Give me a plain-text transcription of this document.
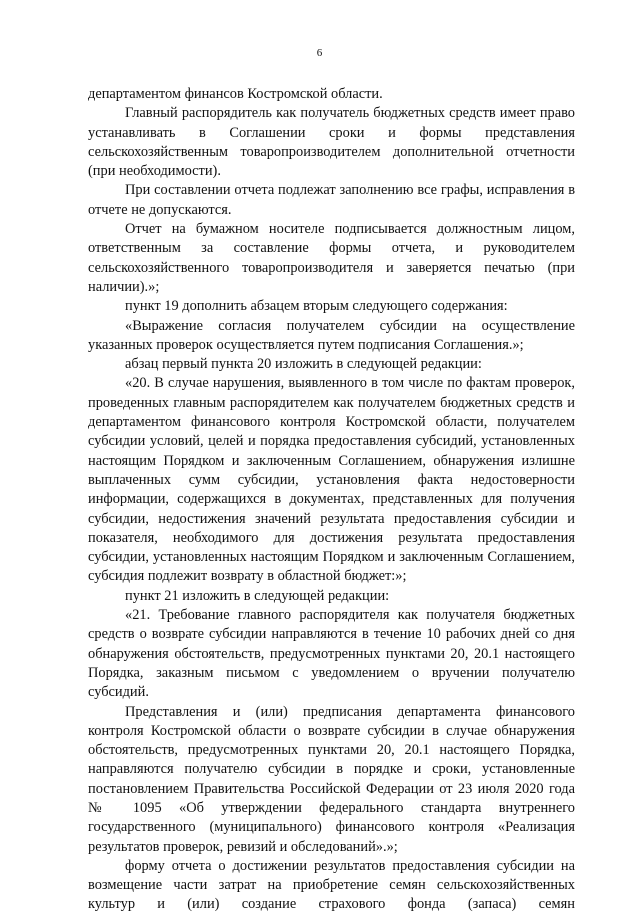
6

департаментом финансов Костромской области.

Главный распорядитель как получатель бюджетных средств имеет право устанавливать в Соглашении сроки и формы представления сельскохозяйственным товаропроизводителем дополнительной отчетности (при необходимости).

При составлении отчета подлежат заполнению все графы, исправления в отчете не допускаются.

Отчет на бумажном носителе подписывается должностным лицом, ответственным за составление формы отчета, и руководителем сельскохозяйственного товаропроизводителя и заверяется печатью (при наличии).»;

пункт 19 дополнить абзацем вторым следующего содержания:

«Выражение согласия получателем субсидии на осуществление указанных проверок осуществляется путем подписания Соглашения.»;

абзац первый пункта 20 изложить в следующей редакции:

«20. В случае нарушения, выявленного в том числе по фактам проверок, проведенных главным распорядителем как получателем бюджетных средств и департаментом финансового контроля Костромской области, получателем субсидии условий, целей и порядка предоставления субсидий, установленных настоящим Порядком и заключенным Соглашением, обнаружения излишне выплаченных сумм субсидии, установления факта недостоверности информации, содержащихся в документах, представленных для получения субсидии, недостижения значений результата предоставления субсидии и показателя, необходимого для достижения результата предоставления субсидии, установленных настоящим Порядком и заключенным Соглашением, субсидия подлежит возврату в областной бюджет:»;

пункт 21 изложить в следующей редакции:

«21. Требование главного распорядителя как получателя бюджетных средств о возврате субсидии направляются в течение 10 рабочих дней со дня обнаружения обстоятельств, предусмотренных пунктами 20, 20.1 настоящего Порядка, заказным письмом с уведомлением о вручении получателю субсидий.

Представления и (или) предписания департамента финансового контроля Костромской области о возврате субсидии в случае обнаружения обстоятельств, предусмотренных пунктами 20, 20.1 настоящего Порядка, направляются получателю субсидии в порядке и сроки, установленные постановлением Правительства Российской Федерации от 23 июля 2020 года № 1095 «Об утверждении федерального стандарта внутреннего государственного (муниципального) финансового контроля «Реализация результатов проверок, ревизий и обследований».»;

форму отчета о достижении результатов предоставления субсидии на возмещение части затрат на приобретение семян сельскохозяйственных культур и (или) создание страхового фонда (запаса) семян
